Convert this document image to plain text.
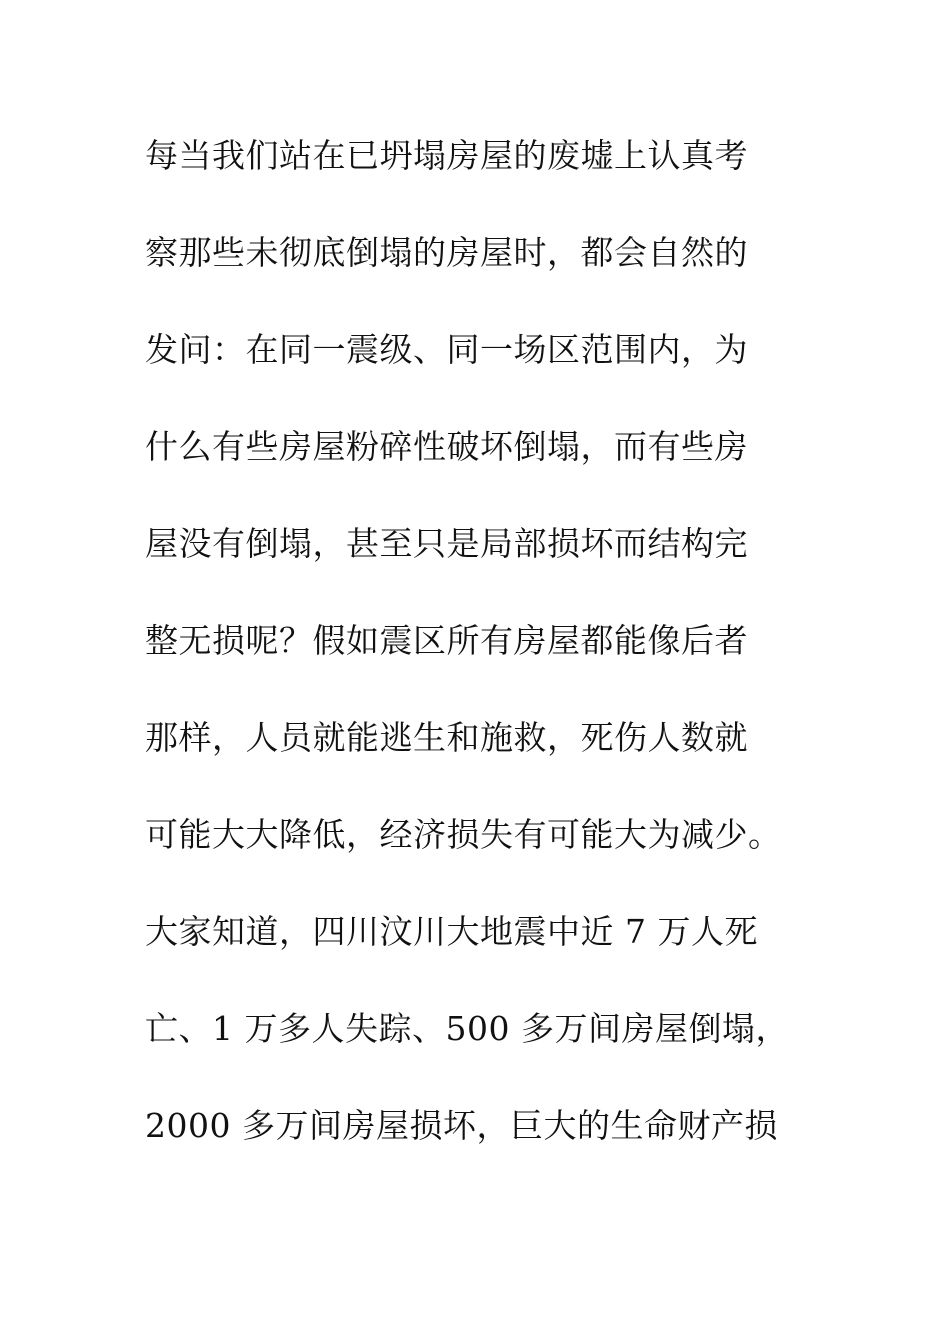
每当我们站在已坍塌房屋的废墟上认真考
察那些未彻底倒塌的房屋时，都会自然的
发问：在同一震级、同一场区范围内，为
什么有些房屋粉碎性破坏倒塌，而有些房
屋没有倒塌，甚至只是局部损坏而结构完
整无损呢？假如震区所有房屋都能像后者
那样，人员就能逃生和施救，死伤人数就
可能大大降低，经济损失有可能大为减少。
大家知道，四川汶川大地震中近 7 万人死
亡、1 万多人失踪、500 多万间房屋倒塌，
2000 多万间房屋损坏，巨大的生命财产损
